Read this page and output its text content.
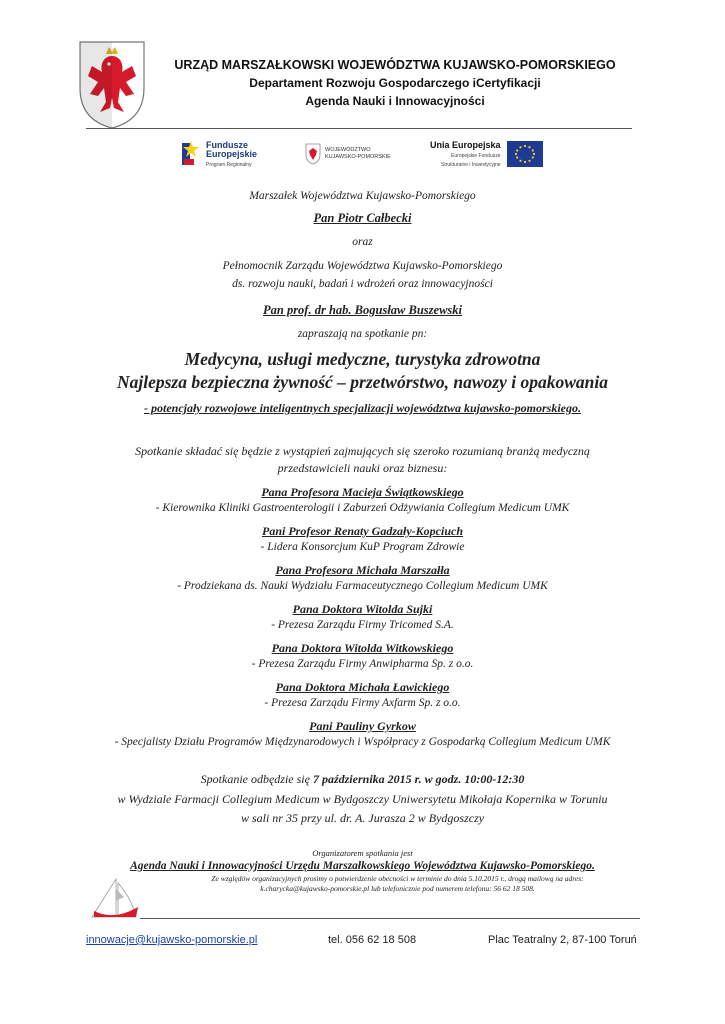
URZĄD MARSZAŁKOWSKI WOJEWÓDZTWA KUJAWSKO-POMORSKIEGO
Departament Rozwoju Gospodarczego iCertyfikacji
Agenda Nauki i Innowacyjności
Fundusze
Europejskie
Program Regionalny
WOJEWÓDZTWO
KUJAWSKO-POMORSKIE
Unia Europejska
Europejskie Fundusze
Strukturalne i Inwestycyjne
Marszałek Województwa Kujawsko-Pomorskiego
Pan Piotr Całbecki
oraz
Pełnomocnik Zarządu Województwa Kujawsko-Pomorskiego
ds. rozwoju nauki, badań i wdrożeń oraz innowacyjności
Pan prof. dr hab. Bogusław Buszewski
zapraszają na spotkanie pn:
Medycyna, usługi medyczne, turystyka zdrowotna
Najlepsza bezpieczna żywność – przetwórstwo, nawozy i opakowania
- potencjały rozwojowe inteligentnych specjalizacji województwa kujawsko-pomorskiego.
Spotkanie składać się będzie z wystąpień zajmujących się szeroko rozumianą branżą medyczną
przedstawicieli nauki oraz biznesu:
Pana Profesora Macieja Świątkowskiego
- Kierownika Kliniki Gastroenterologii i Zaburzeń Odżywiania Collegium Medicum UMK
Pani Profesor Renaty Gadzały-Kopciuch
- Lidera Konsorcjum KuP Program Zdrowie
Pana Profesora Michała Marszałła
- Prodziekana ds. Nauki Wydziału Farmaceutycznego Collegium Medicum UMK
Pana Doktora Witolda Sujki
- Prezesa Zarządu Firmy Tricomed S.A.
Pana Doktora Witolda Witkowskiego
- Prezesa Zarządu Firmy Anwipharma Sp. z o.o.
Pana Doktora Michała Ławickiego
- Prezesa Zarządu Firmy Axfarm Sp. z o.o.
Pani Pauliny Gyrkow
- Specjalisty Działu Programów Międzynarodowych i Współpracy z Gospodarką Collegium Medicum UMK
Spotkanie odbędzie się 7 października 2015 r. w godz. 10:00-12:30
w Wydziale Farmacji Collegium Medicum w Bydgoszczy Uniwersytetu Mikołaja Kopernika w Toruniu
w sali nr 35 przy ul. dr. A. Jurasza 2 w Bydgoszczy
Organizatorem spotkania jest
Agenda Nauki i Innowacyjności Urzędu Marszałkowskiego Województwa Kujawsko-Pomorskiego.
Ze względów organizacyjnych prosimy o potwierdzenie obecności w terminie do dnia 5.10.2015 r., drogą mailową na adres:
k.charycka@kujawsko-pomorskie.pl lub telefonicznie pod numerem telefonu: 56 62 18 508.
innowacje@kujawsko-pomorskie.pl	tel. 056 62 18 508	Plac Teatralny 2, 87-100 Toruń
